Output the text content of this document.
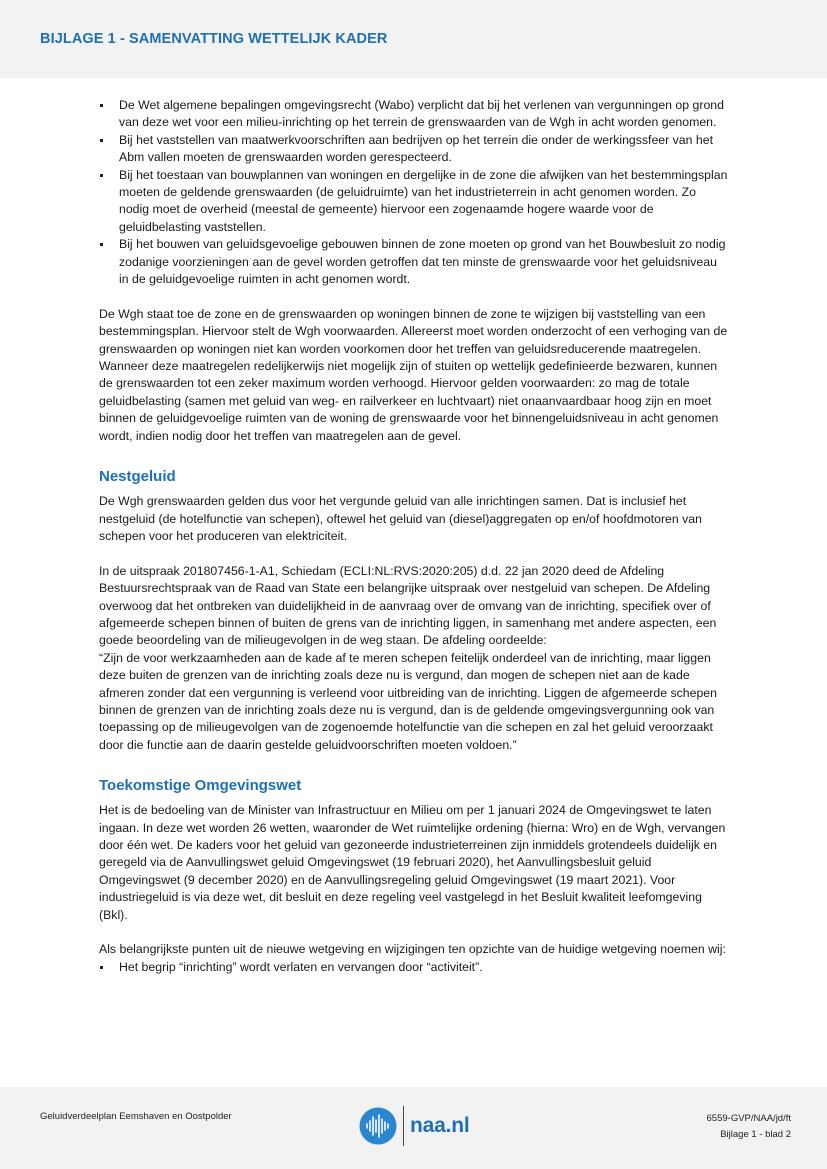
BIJLAGE 1 - SAMENVATTING WETTELIJK KADER
De Wet algemene bepalingen omgevingsrecht (Wabo) verplicht dat bij het verlenen van vergunningen op grond van deze wet voor een milieu-inrichting op het terrein de grenswaarden van de Wgh in acht worden genomen.
Bij het vaststellen van maatwerkvoorschriften aan bedrijven op het terrein die onder de werkingssfeer van het Abm vallen moeten de grenswaarden worden gerespecteerd.
Bij het toestaan van bouwplannen van woningen en dergelijke in de zone die afwijken van het bestemmingsplan moeten de geldende grenswaarden (de geluidruimte) van het industrieterrein in acht genomen worden. Zo nodig moet de overheid (meestal de gemeente) hiervoor een zogenaamde hogere waarde voor de geluidbelasting vaststellen.
Bij het bouwen van geluidsgevoelige gebouwen binnen de zone moeten op grond van het Bouwbesluit zo nodig zodanige voorzieningen aan de gevel worden getroffen dat ten minste de grenswaarde voor het geluidsniveau in de geluidgevoelige ruimten in acht genomen wordt.

De Wgh staat toe de zone en de grenswaarden op woningen binnen de zone te wijzigen bij vaststelling van een bestemmingsplan. Hiervoor stelt de Wgh voorwaarden. Allereerst moet worden onderzocht of een verhoging van de grenswaarden op woningen niet kan worden voorkomen door het treffen van geluidsreducerende maatregelen. Wanneer deze maatregelen redelijkerwijs niet mogelijk zijn of stuiten op wettelijk gedefinieerde bezwaren, kunnen de grenswaarden tot een zeker maximum worden verhoogd. Hiervoor gelden voorwaarden: zo mag de totale geluidbelasting (samen met geluid van weg- en railverkeer en luchtvaart) niet onaanvaardbaar hoog zijn en moet binnen de geluidgevoelige ruimten van de woning de grenswaarde voor het binnengeluidsniveau in acht genomen wordt, indien nodig door het treffen van maatregelen aan de gevel.

Nestgeluid

De Wgh grenswaarden gelden dus voor het vergunde geluid van alle inrichtingen samen. Dat is inclusief het nestgeluid (de hotelfunctie van schepen), oftewel het geluid van (diesel)aggregaten op en/of hoofdmotoren van schepen voor het produceren van elektriciteit.

In de uitspraak 201807456-1-A1, Schiedam (ECLI:NL:RVS:2020:205) d.d. 22 jan 2020 deed de Afdeling Bestuursrechtspraak van de Raad van State een belangrijke uitspraak over nestgeluid van schepen. De Afdeling overwoog dat het ontbreken van duidelijkheid in de aanvraag over de omvang van de inrichting, specifiek over of afgemeerde schepen binnen of buiten de grens van de inrichting liggen, in samenhang met andere aspecten, een goede beoordeling van de milieugevolgen in de weg staan. De afdeling oordeelde:

“Zijn de voor werkzaamheden aan de kade af te meren schepen feitelijk onderdeel van de inrichting, maar liggen deze buiten de grenzen van de inrichting zoals deze nu is vergund, dan mogen de schepen niet aan de kade afmeren zonder dat een vergunning is verleend voor uitbreiding van de inrichting. Liggen de afgemeerde schepen binnen de grenzen van de inrichting zoals deze nu is vergund, dan is de geldende omgevingsvergunning ook van toepassing op de milieugevolgen van de zogenoemde hotelfunctie van die schepen en zal het geluid veroorzaakt door die functie aan de daarin gestelde geluidvoorschriften moeten voldoen.”

Toekomstige Omgevingswet

Het is de bedoeling van de Minister van Infrastructuur en Milieu om per 1 januari 2024 de Omgevingswet te laten ingaan. In deze wet worden 26 wetten, waaronder de Wet ruimtelijke ordening (hierna: Wro) en de Wgh, vervangen door één wet. De kaders voor het geluid van gezoneerde industrieterreinen zijn inmiddels grotendeels duidelijk en geregeld via de Aanvullingswet geluid Omgevingswet (19 februari 2020), het Aanvullingsbesluit geluid Omgevingswet (9 december 2020) en de Aanvullingsregeling geluid Omgevingswet (19 maart 2021). Voor industriegeluid is via deze wet, dit besluit en deze regeling veel vastgelegd in het Besluit kwaliteit leefomgeving (Bkl).

Als belangrijkste punten uit de nieuwe wetgeving en wijzigingen ten opzichte van de huidige wetgeving noemen wij:

Het begrip “inrichting” wordt verlaten en vervangen door “activiteit”.
Geluidverdeelplan Eemshaven en Oostpolder	naa.nl	6559-GVP/NAA/jd/ft
Bijlage 1 - blad 2
